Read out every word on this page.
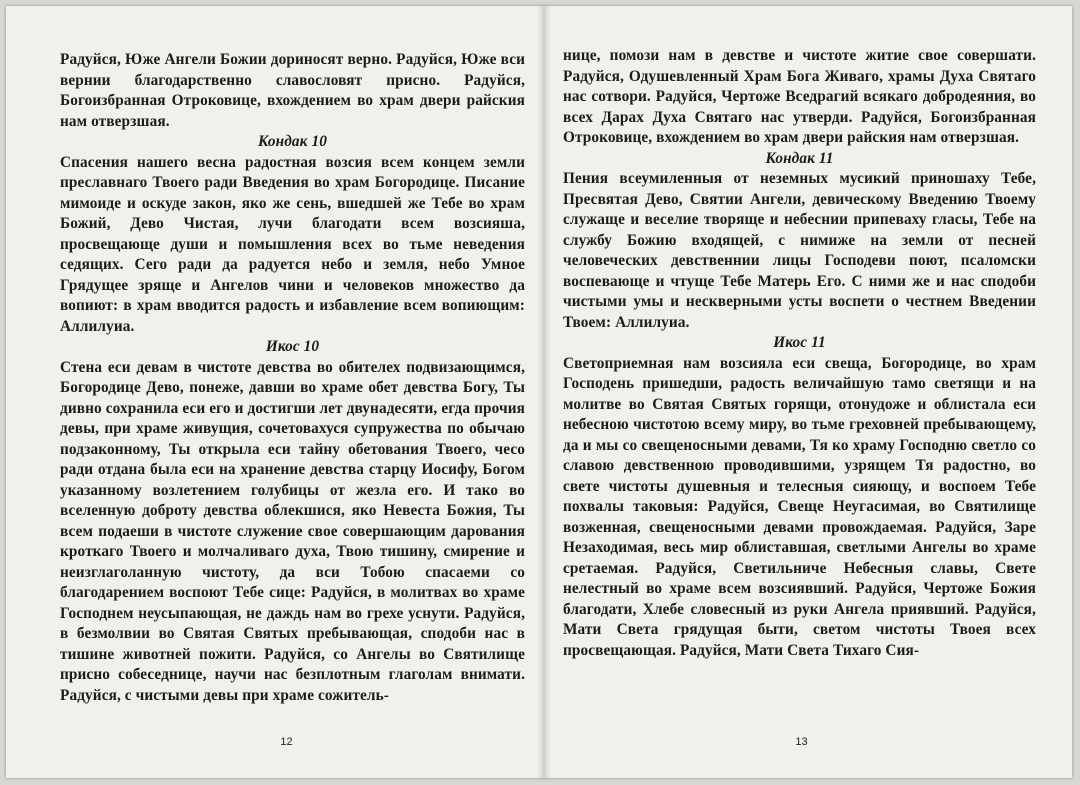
Радуйся, Юже Ангели Божии дориносят верно. Радуйся, Юже вси вернии благодарственно славословят присно. Радуйся, Богоизбранная Отроковице, вхождением во храм двери райския нам отверзшая.

Кондак 10

Спасения нашего весна радостная возсия всем концем земли преславнаго Твоего ради Введения во храм Богородице. Писание мимоиде и оскуде закон, яко же сень, вшедшей же Тебе во храм Божий, Дево Чистая, лучи благодати всем возсияша, просвещающе души и помышления всех во тьме неведения седящих. Сего ради да радуется небо и земля, небо Умное Грядущее зряще и Ангелов чини и человеков множество да вопиют: в храм вводится радость и избавление всем вопиющим: Аллилуиа.

Икос 10

Стена еси девам в чистоте девства во обителех подвизающимся, Богородице Дево, понеже, давши во храме обет девства Богу, Ты дивно сохранила еси его и достигши лет двунадесяти, егда прочия девы, при храме живущия, сочетовахуся супружества по обычаю подзаконному, Ты открыла еси тайну обетования Твоего, чесо ради отдана была еси на хранение девства старцу Иосифу, Богом указанному возлетением голубицы от жезла его. И тако во вселенную доброту девства облекшися, яко Невеста Божия, Ты всем подаеши в чистоте служение свое совершающим дарования кроткаго Твоего и молчаливаго духа, Твою тишину, смирение и неизглаголанную чистоту, да вси Тобою спасаеми со благодарением воспоют Тебе сице: Радуйся, в молитвах во храме Господнем неусыпающая, не даждь нам во грехе уснути. Радуйся, в безмолвии во Святая Святых пребывающая, сподоби нас в тишине животней пожити. Радуйся, со Ангелы во Святилище присно собеседнице, научи нас безплотным глаголам внимати. Радуйся, с чистыми девы при храме сожитель-

12

нице, помози нам в девстве и чистоте житие свое совершати. Радуйся, Одушевленный Храм Бога Живаго, храмы Духа Святаго нас сотвори. Радуйся, Чертоже Вседрагий всякаго добродеяния, во всех Дарах Духа Святаго нас утверди. Радуйся, Богоизбранная Отроковице, вхождением во храм двери райския нам отверзшая.

Кондак 11

Пения всеумиленныя от неземных мусикий приношаху Тебе, Пресвятая Дево, Святии Ангели, девическому Введению Твоему служаще и веселие творяще и небеснии припеваху гласы, Тебе на службу Божию входящей, с нимиже на земли от песней человеческих девственнии лицы Господеви поют, псаломски воспевающе и чтуще Тебе Матерь Его. С ними же и нас сподоби чистыми умы и нескверными усты воспети о честнем Введении Твоем: Аллилуиа.

Икос 11

Светоприемная нам возсияла еси свеща, Богородице, во храм Господень пришедши, радость величайшую тамо светящи и на молитве во Святая Святых горящи, отонудоже и облистала еси небесною чистотою всему миру, во тьме греховней пребывающему, да и мы со свещеносными девами, Тя ко храму Господню светло со славою девственною проводившими, узрящем Тя радостно, во свете чистоты душевныя и телесныя сияющу, и воспоем Тебе похвалы таковыя: Радуйся, Свеще Неугасимая, во Святилище возженная, свещеносными девами провождаемая. Радуйся, Заре Незаходимая, весь мир облиставшая, светлыми Ангелы во храме сретаемая. Радуйся, Светильниче Небесныя славы, Свете нелестный во храме всем возсиявший. Радуйся, Чертоже Божия благодати, Хлебе словесный из руки Ангела приявший. Радуйся, Мати Света грядущая быти, светом чистоты Твоея всех просвещающая. Радуйся, Мати Света Тихаго Сия-

13
